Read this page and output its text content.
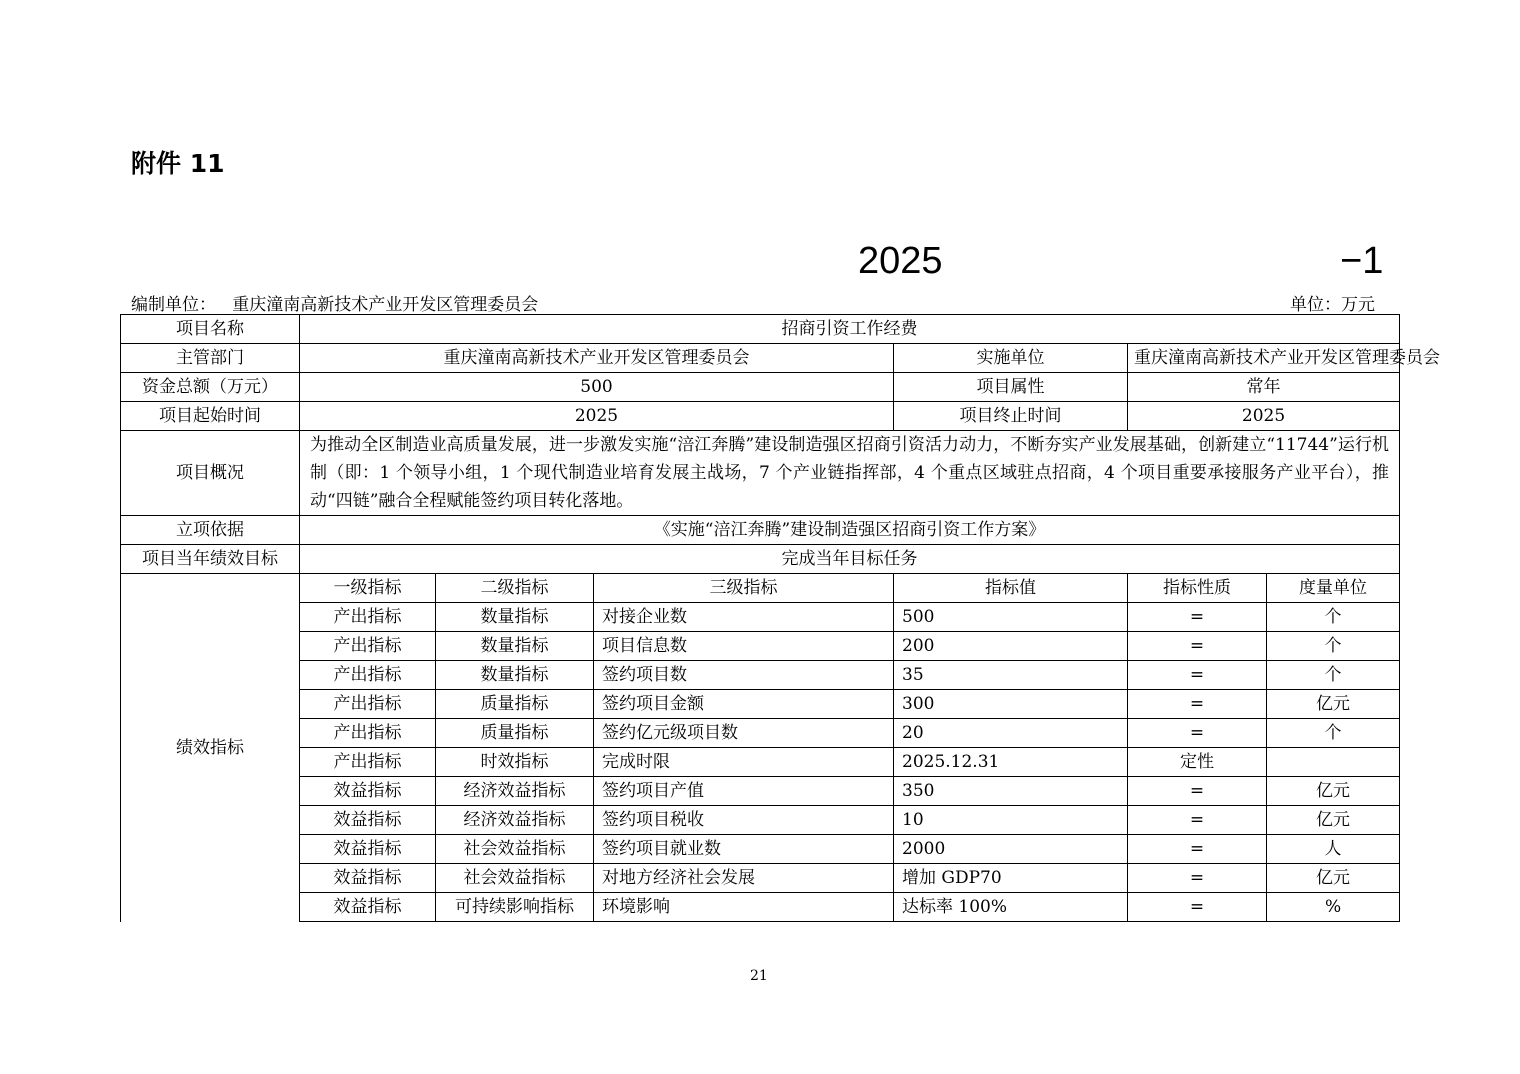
附件 11
2025	−1
编制单位： 重庆潼南高新技术产业开发区管理委员会	单位：万元
项目名称	招商引资工作经费					
主管部门	重庆潼南高新技术产业开发区管理委员会			实施单位	重庆潼南高新技术产业开发区管理委员会	
资金总额（万元）	500			项目属性	常年	
项目起始时间	2025			项目终止时间	2025	
项目概况	为推动全区制造业高质量发展，进一步激发实施“涪江奔腾”建设制造强区招商引资活力动力，不断夯实产业发展基础，创新建立“11744”运行机制（即：1 个领导小组，1 个现代制造业培育发展主战场，7 个产业链指挥部，4 个重点区域驻点招商，4 个项目重要承接服务产业平台），推动“四链”融合全程赋能签约项目转化落地。					
立项依据	《实施“涪江奔腾”建设制造强区招商引资工作方案》					
项目当年绩效目标	完成当年目标任务					
绩效指标	一级指标	二级指标	三级指标	指标值	指标性质	度量单位
	产出指标	数量指标	对接企业数	500	=	个
	产出指标	数量指标	项目信息数	200	=	个
	产出指标	数量指标	签约项目数	35	=	个
	产出指标	质量指标	签约项目金额	300	=	亿元
	产出指标	质量指标	签约亿元级项目数	20	=	个
	产出指标	时效指标	完成时限	2025.12.31	定性	
	效益指标	经济效益指标	签约项目产值	350	=	亿元
	效益指标	经济效益指标	签约项目税收	10	=	亿元
	效益指标	社会效益指标	签约项目就业数	2000	=	人
	效益指标	社会效益指标	对地方经济社会发展	增加 GDP70	=	亿元
	效益指标	可持续影响指标	环境影响	达标率 100%	=	%
21
